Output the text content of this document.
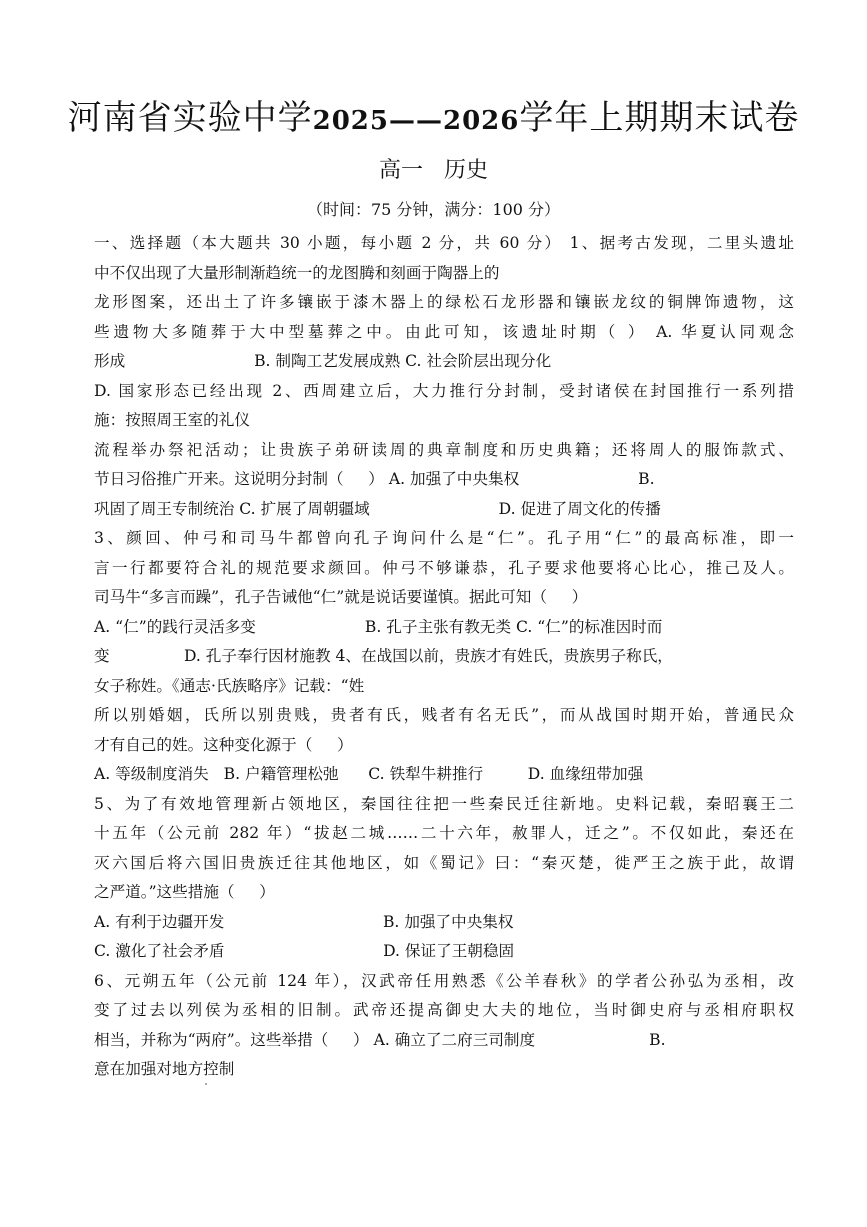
河南省实验中学2025——2026学年上期期末试卷
高一   历史
（时间：75 分钟，满分：100 分）
一、选择题（本大题共 30 小题，每小题 2 分，共 60 分） 1、据考古发现，二里头遗址
中不仅出现了大量形制渐趋统一的龙图腾和刻画于陶器上的
龙形图案，还出土了许多镶嵌于漆木器上的绿松石龙形器和镶嵌龙纹的铜牌饰遗物，这
些遗物大多随葬于大中型墓葬之中。由此可知，该遗址时期（ ） A. 华夏认同观念
形成                          B. 制陶工艺发展成熟 C. 社会阶层出现分化
D. 国家形态已经出现 2、西周建立后，大力推行分封制，受封诸侯在封国推行一系列措
施：按照周王室的礼仪
流程举办祭祀活动；让贵族子弟研读周的典章制度和历史典籍；还将周人的服饰款式、
节日习俗推广开来。这说明分封制（     ） A. 加强了中央集权                        B.
巩固了周王专制统治 C. 扩展了周朝疆域                          D. 促进了周文化的传播
3、颜回、仲弓和司马牛都曾向孔子询问什么是“仁”。孔子用“仁”的最高标准，即一
言一行都要符合礼的规范要求颜回。仲弓不够谦恭，孔子要求他要将心比心，推己及人。
司马牛“多言而躁”，孔子告诫他“仁”就是说话要谨慎。据此可知（     ）
A. “仁”的践行灵活多变                      B. 孔子主张有教无类 C. “仁”的标准因时而
变               D. 孔子奉行因材施教 4、在战国以前，贵族才有姓氏，贵族男子称氏，
女子称姓。《通志·氏族略序》记载：“姓
所以别婚姻，氏所以别贵贱，贵者有氏，贱者有名无氏”，而从战国时期开始，普通民众
才有自己的姓。这种变化源于（     ）
A. 等级制度消失   B. 户籍管理松弛      C. 铁犁牛耕推行         D. 血缘纽带加强
5、为了有效地管理新占领地区，秦国往往把一些秦民迁往新地。史料记载，秦昭襄王二
十五年（公元前 282 年）“拔赵二城……二十六年，赦罪人，迁之”。不仅如此，秦还在
灭六国后将六国旧贵族迁往其他地区，如《蜀记》曰：“秦灭楚，徙严王之族于此，故谓
之严道。”这些措施（     ）
A. 有利于边疆开发                                B. 加强了中央集权
C. 激化了社会矛盾                                D. 保证了王朝稳固
6、元朔五年（公元前 124 年），汉武帝任用熟悉《公羊春秋》的学者公孙弘为丞相，改
变了过去以列侯为丞相的旧制。武帝还提高御史大夫的地位，当时御史府与丞相府职权
相当，并称为“两府”。这些举措（     ） A. 确立了二府三司制度                       B.
意在加强对地方控制
